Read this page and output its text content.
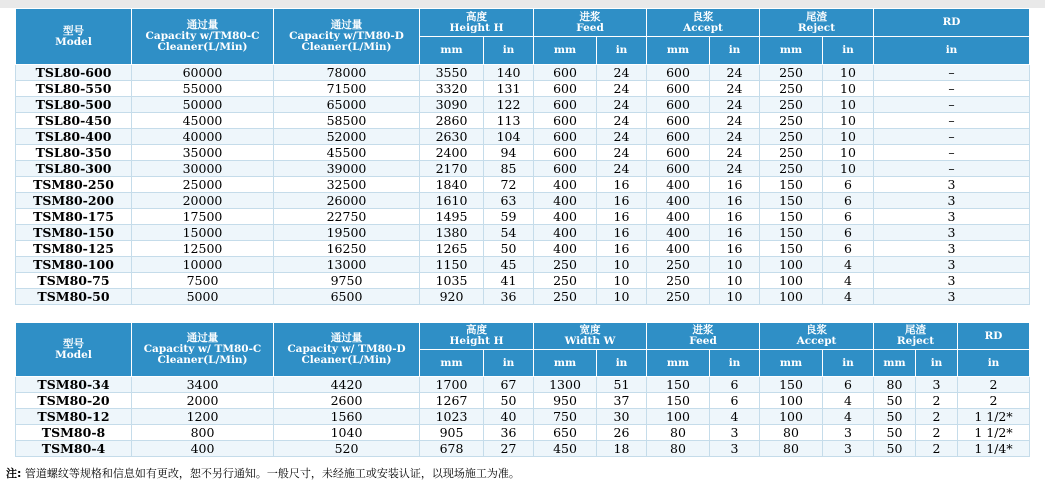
型号
Model	通过量
Capacity w/TM80-C
Cleaner(L/Min)	通过量
Capacity w/TM80-D
Cleaner(L/Min)	高度
Height H		进浆
Feed		良浆
Accept		尾渣
Reject		RD
			mm	in	mm	in	mm	in	mm	in	in
TSL80-600	60000	78000	3550	140	600	24	600	24	250	10	–
TSL80-550	55000	71500	3320	131	600	24	600	24	250	10	–
TSL80-500	50000	65000	3090	122	600	24	600	24	250	10	–
TSL80-450	45000	58500	2860	113	600	24	600	24	250	10	–
TSL80-400	40000	52000	2630	104	600	24	600	24	250	10	–
TSL80-350	35000	45500	2400	94	600	24	600	24	250	10	–
TSL80-300	30000	39000	2170	85	600	24	600	24	250	10	–
TSM80-250	25000	32500	1840	72	400	16	400	16	150	6	3
TSM80-200	20000	26000	1610	63	400	16	400	16	150	6	3
TSM80-175	17500	22750	1495	59	400	16	400	16	150	6	3
TSM80-150	15000	19500	1380	54	400	16	400	16	150	6	3
TSM80-125	12500	16250	1265	50	400	16	400	16	150	6	3
TSM80-100	10000	13000	1150	45	250	10	250	10	100	4	3
TSM80-75	7500	9750	1035	41	250	10	250	10	100	4	3
TSM80-50	5000	6500	920	36	250	10	250	10	100	4	3
型号
Model	通过量
Capacity w/ TM80-C
Cleaner(L/Min)	通过量
Capacity w/ TM80-D
Cleaner(L/Min)	高度
Height H		宽度
Width W		进浆
Feed		良浆
Accept		尾渣
Reject		RD
			mm	in	mm	in	mm	in	mm	in	mm	in	in
TSM80-34	3400	4420	1700	67	1300	51	150	6	150	6	80	3	2
TSM80-20	2000	2600	1267	50	950	37	150	6	100	4	50	2	2
TSM80-12	1200	1560	1023	40	750	30	100	4	100	4	50	2	1 1/2*
TSM80-8	800	1040	905	36	650	26	80	3	80	3	50	2	1 1/2*
TSM80-4	400	520	678	27	450	18	80	3	80	3	50	2	1 1/4*
注: 管道螺纹等规格和信息如有更改，恕不另行通知。一般尺寸，未经施工或安装认证，以现场施工为准。
